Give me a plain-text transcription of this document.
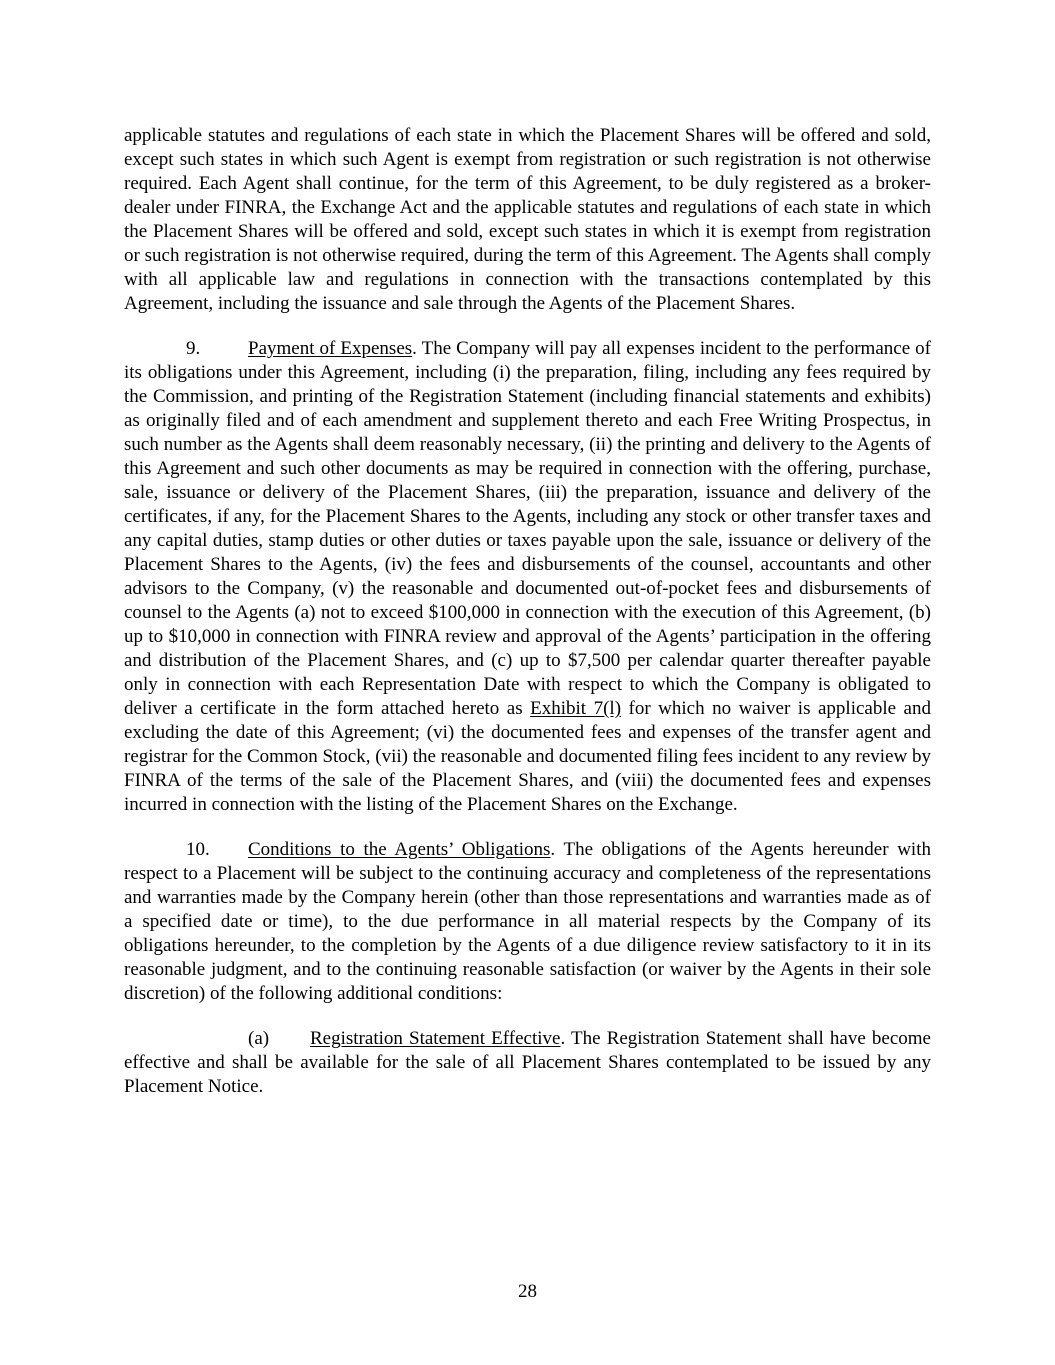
applicable statutes and regulations of each state in which the Placement Shares will be offered and sold, except such states in which such Agent is exempt from registration or such registration is not otherwise required. Each Agent shall continue, for the term of this Agreement, to be duly registered as a broker-dealer under FINRA, the Exchange Act and the applicable statutes and regulations of each state in which the Placement Shares will be offered and sold, except such states in which it is exempt from registration or such registration is not otherwise required, during the term of this Agreement. The Agents shall comply with all applicable law and regulations in connection with the transactions contemplated by this Agreement, including the issuance and sale through the Agents of the Placement Shares.

9.	Payment of Expenses. The Company will pay all expenses incident to the performance of its obligations under this Agreement, including (i) the preparation, filing, including any fees required by the Commission, and printing of the Registration Statement (including financial statements and exhibits) as originally filed and of each amendment and supplement thereto and each Free Writing Prospectus, in such number as the Agents shall deem reasonably necessary, (ii) the printing and delivery to the Agents of this Agreement and such other documents as may be required in connection with the offering, purchase, sale, issuance or delivery of the Placement Shares, (iii) the preparation, issuance and delivery of the certificates, if any, for the Placement Shares to the Agents, including any stock or other transfer taxes and any capital duties, stamp duties or other duties or taxes payable upon the sale, issuance or delivery of the Placement Shares to the Agents, (iv) the fees and disbursements of the counsel, accountants and other advisors to the Company, (v) the reasonable and documented out-of-pocket fees and disbursements of counsel to the Agents (a) not to exceed $100,000 in connection with the execution of this Agreement, (b) up to $10,000 in connection with FINRA review and approval of the Agents’ participation in the offering and distribution of the Placement Shares, and (c) up to $7,500 per calendar quarter thereafter payable only in connection with each Representation Date with respect to which the Company is obligated to deliver a certificate in the form attached hereto as Exhibit 7(l) for which no waiver is applicable and excluding the date of this Agreement; (vi) the documented fees and expenses of the transfer agent and registrar for the Common Stock, (vii) the reasonable and documented filing fees incident to any review by FINRA of the terms of the sale of the Placement Shares, and (viii) the documented fees and expenses incurred in connection with the listing of the Placement Shares on the Exchange.

10. Conditions to the Agents’ Obligations. The obligations of the Agents hereunder with respect to a Placement will be subject to the continuing accuracy and completeness of the representations and warranties made by the Company herein (other than those representations and warranties made as of a specified date or time), to the due performance in all material respects by the Company of its obligations hereunder, to the completion by the Agents of a due diligence review satisfactory to it in its reasonable judgment, and to the continuing reasonable satisfaction (or waiver by the Agents in their sole discretion) of the following additional conditions:

(a) Registration Statement Effective. The Registration Statement shall have become effective and shall be available for the sale of all Placement Shares contemplated to be issued by any Placement Notice.

28
